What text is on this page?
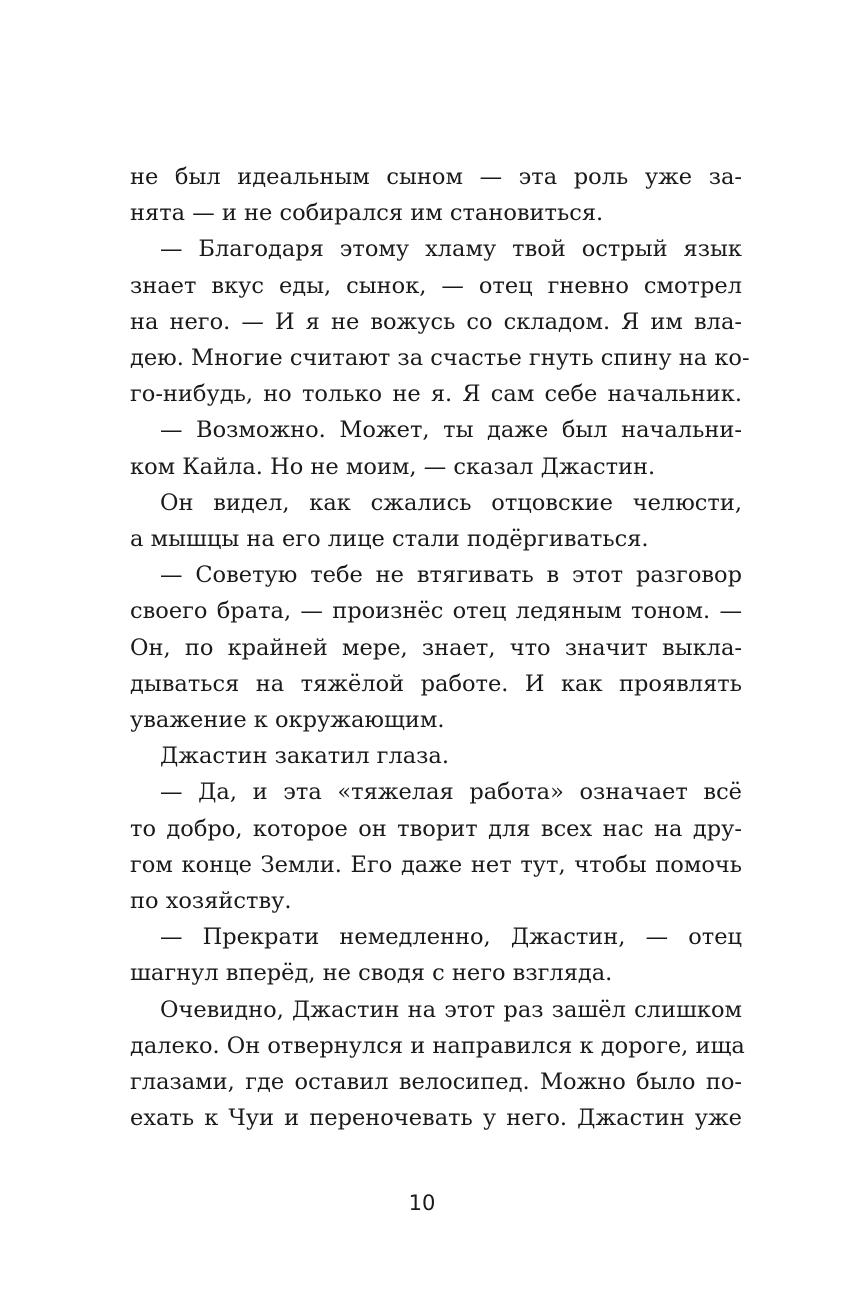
не был идеальным сыном — эта роль уже за-

нята — и не собирался им становиться.

— Благодаря этому хламу твой острый язык

знает вкус еды, сынок, — отец гневно смотрел

на него. — И я не вожусь со складом. Я им вла-

дею. Многие считают за счастье гнуть спину на ко-

го-нибудь, но только не я. Я сам себе начальник.

— Возможно. Может, ты даже был начальни-

ком Кайла. Но не моим, — сказал Джастин.

Он видел, как сжались отцовские челюсти,

а мышцы на его лице стали подёргиваться.

— Советую тебе не втягивать в этот разговор

своего брата, — произнёс отец ледяным тоном. —

Он, по крайней мере, знает, что значит выкла-

дываться на тяжёлой работе. И как проявлять

уважение к окружающим.

Джастин закатил глаза.

— Да, и эта «тяжелая работа» означает всё

то добро, которое он творит для всех нас на дру-

гом конце Земли. Его даже нет тут, чтобы помочь

по хозяйству.

— Прекрати немедленно, Джастин, — отец

шагнул вперёд, не сводя с него взгляда.

Очевидно, Джастин на этот раз зашёл слишком

далеко. Он отвернулся и направился к дороге, ища

глазами, где оставил велосипед. Можно было по-

ехать к Чуи и переночевать у него. Джастин уже

10
